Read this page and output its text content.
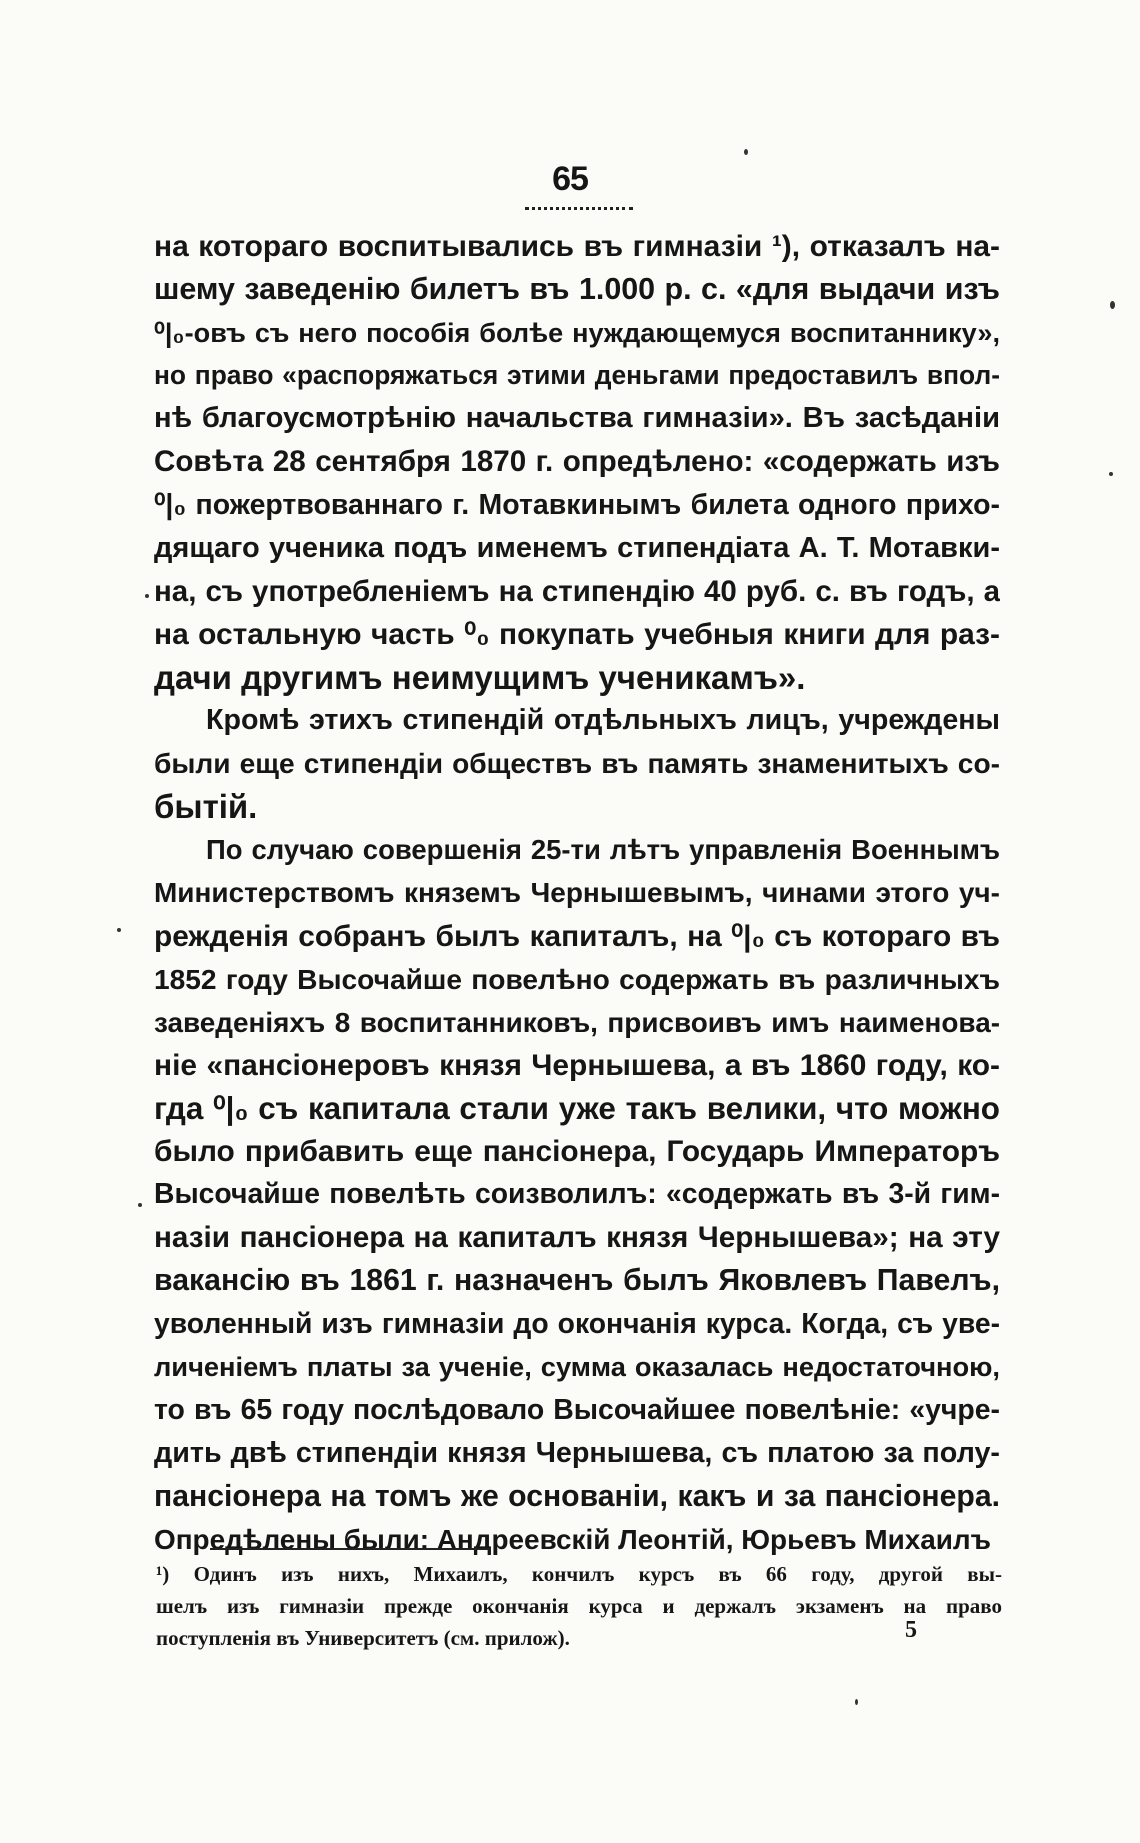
65
на котораго воспитывались въ гимназіи ¹), отказалъ на-
шему заведенію билетъ въ 1.000 р. с. «для выдачи изъ
⁰|₀-овъ съ него пособія болѣе нуждающемуся воспитаннику»,
но право «распоряжаться этими деньгами предоставилъ впол-
нѣ благоусмотрѣнію начальства гимназіи». Въ засѣданіи
Совѣта 28 сентября 1870 г. опредѣлено: «содержать изъ
⁰|₀ пожертвованнаго г. Мотавкинымъ билета одного прихо-
дящаго ученика подъ именемъ стипендіата А. Т. Мотавки-
на, съ употребленіемъ на стипендію 40 руб. с. въ годъ, а
на остальную часть ⁰₀ покупать учебныя книги для раз-
дачи другимъ неимущимъ ученикамъ».
Кромѣ этихъ стипендій отдѣльныхъ лицъ, учреждены
были еще стипендіи обществъ въ память знаменитыхъ со-
бытій.
По случаю совершенія 25-ти лѣтъ управленія Военнымъ
Министерствомъ княземъ Чернышевымъ, чинами этого уч-
режденія собранъ былъ капиталъ, на ⁰|₀ съ котораго въ
1852 году Высочайше повелѣно содержать въ различныхъ
заведеніяхъ 8 воспитанниковъ, присвоивъ имъ наименова-
ніе «пансіонеровъ князя Чернышева, а въ 1860 году, ко-
гда ⁰|₀ съ капитала стали уже такъ велики, что можно
было прибавить еще пансіонера, Государь Императоръ
Высочайше повелѣть соизволилъ: «содержать въ 3-й гим-
назіи пансіонера на капиталъ князя Чернышева»; на эту
вакансію въ 1861 г. назначенъ былъ Яковлевъ Павелъ,
уволенный изъ гимназіи до окончанія курса. Когда, съ уве-
личеніемъ платы за ученіе, сумма оказалась недостаточною,
то въ 65 году послѣдовало Высочайшее повелѣніе: «учре-
дить двѣ стипендіи князя Чернышева, съ платою за полу-
пансіонера на томъ же основаніи, какъ и за пансіонера.
Опредѣлены были: Андреевскій Леонтій, Юрьевъ Михаилъ
¹) Одинъ изъ нихъ, Михаилъ, кончилъ курсъ въ 66 году, другой вы-
шелъ изъ гимназіи прежде окончанія курса и держалъ экзаменъ на право
поступленія въ Университетъ (см. прилож).	5
